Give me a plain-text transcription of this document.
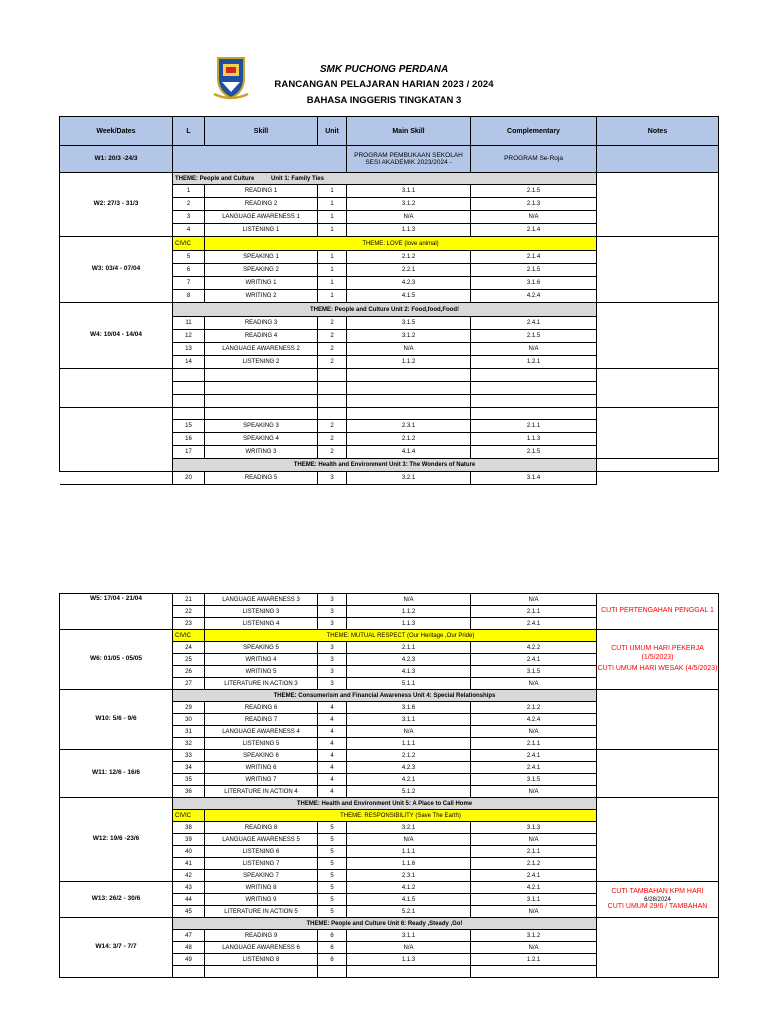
SMK PUCHONG PERDANA
RANCANGAN PELAJARAN HARIAN 2023 / 2024
BAHASA INGGERIS TINGKATAN 3
Week/Dates	L	Skill	Unit	Main Skill	Complementary	Notes
W1: 20/3 -24/3				PROGRAM PEMBUKAAN SEKOLAH SESI AKADEMIK 2023/2024 -	PROGRAM Se-Roja	
W2: 27/3 - 31/3	THEME: People and Culture Unit 1: Family Ties					
	1	READING 1	1	3.1.1	2.1.5	
	2	READING 2	1	3.1.2	2.1.3	
	3	LANGUAGE AWARENESS 1	1	N/A	N/A	
	4	LISTENING 1	1	1.1.3	2.1.4	
W3: 03/4 - 07/04	CIVIC	THEME: LOVE (love animal)				
	5	SPEAKING 1	1	2.1.2	2.1.4	
	6	SPEAKING 2	1	2.2.1	2.1.5	
	7	WRITING 1	1	4.2.3	3.1.6	
	8	WRITING 2	1	4.1.5	4.2.4	
W4: 10/04 - 14/04	THEME: People and Culture Unit 2: Food,food,Food!					
	11	READING 3	2	3.1.5	2.4.1	
	12	READING 4	2	3.1.2	2.1.5	
	13	LANGUAGE AWARENESS 2	2	N/A	N/A	
	14	LISTENING 2	2	1.1.2	1.2.1	

	15	SPEAKING 3	2	2.3.1	2.1.1	
	16	SPEAKING 4	2	2.1.2	1.1.3	
	17	WRITING 3	2	4.1.4	2.1.5	
	THEME: Health and Environment Unit 3: The Wonders of Nature					
	20	READING 5	3	3.2.1	3.1.4	
W5: 17/04 - 21/04	21	LANGUAGE AWARENESS 3	3	N/A	N/A	CUTI PERTENGAHAN PENGGAL 1
	22	LISTENING 3	3	1.1.2	2.1.1	
	23	LISTENING 4	3	1.1.3	2.4.1	
W6: 01/05 - 05/05	CIVIC	THEME: MUTUAL RESPECT (Our Heritage ,Our Pride)				CUTI UMUM HARI PEKERJA (1/5/2023)
CUTI UMUM HARI WESAK (4/5/2023)

	24	SPEAKING 5	3	2.1.1	4.2.2	
	25	WRITING 4	3	4.2.3	2.4.1	
	26	WRITING 5	3	4.1.3	3.1.5	
	27	LITERATURE IN ACTION 3	3	5.1.1	N/A	
W10: 5/6 - 9/6	THEME: Consumerism and Financial Awareness Unit 4: Special Relationships					
	29	READING 6	4	3.1.6	2.1.2	
	30	READING 7	4	3.1.1	4.2.4	
	31	LANGUAGE AWARENESS 4	4	N/A	N/A	
	32	LISTENING 5	4	1.1.1	2.1.1	
W11: 12/6 - 16/6	33	SPEAKING 6	4	2.1.2	2.4.1	
	34	WRITING 6	4	4.2.3	2.4.1	
	35	WRITING 7	4	4.2.1	3.1.5	
	36	LITERATURE IN ACTION 4	4	5.1.2	N/A	
W12: 19/6 -23/6	THEME: Health and Environment Unit 5: A Place to Call Home					
	CIVIC	THEME: RESPONSIBILITY (Save The Earth)				
	38	READING 8	5	3.2.1	3.1.3	
	39	LANGUAGE AWARENESS 5	5	N/A	N/A	
	40	LISTENING 6	5	1.1.1	2.1.1	
	41	LISTENING 7	5	1.1.6	2.1.2	
	42	SPEAKING 7	5	2.3.1	2.4.1	
W13: 26/2 - 30/6	43	WRITING 8	5	4.1.2	4.2.1	CUTI TAMBAHAN KPM HARI
6/28/2024
CUTI UMUM 29/6 / TAMBAHAN

	44	WRITING 9	5	4.1.5	3.1.1	
	45	LITERATURE IN ACTION 5	5	5.2.1	N/A	
W14: 3/7 - 7/7	THEME: People and Culture Unit 6: Ready ,Steady ,Go!					
	47	READING 9	6	3.1.1	3.1.2	
	48	LANGUAGE AWARENESS 6	6	N/A	N/A	
	49	LISTENING 8	6	1.1.3	1.2.1	
